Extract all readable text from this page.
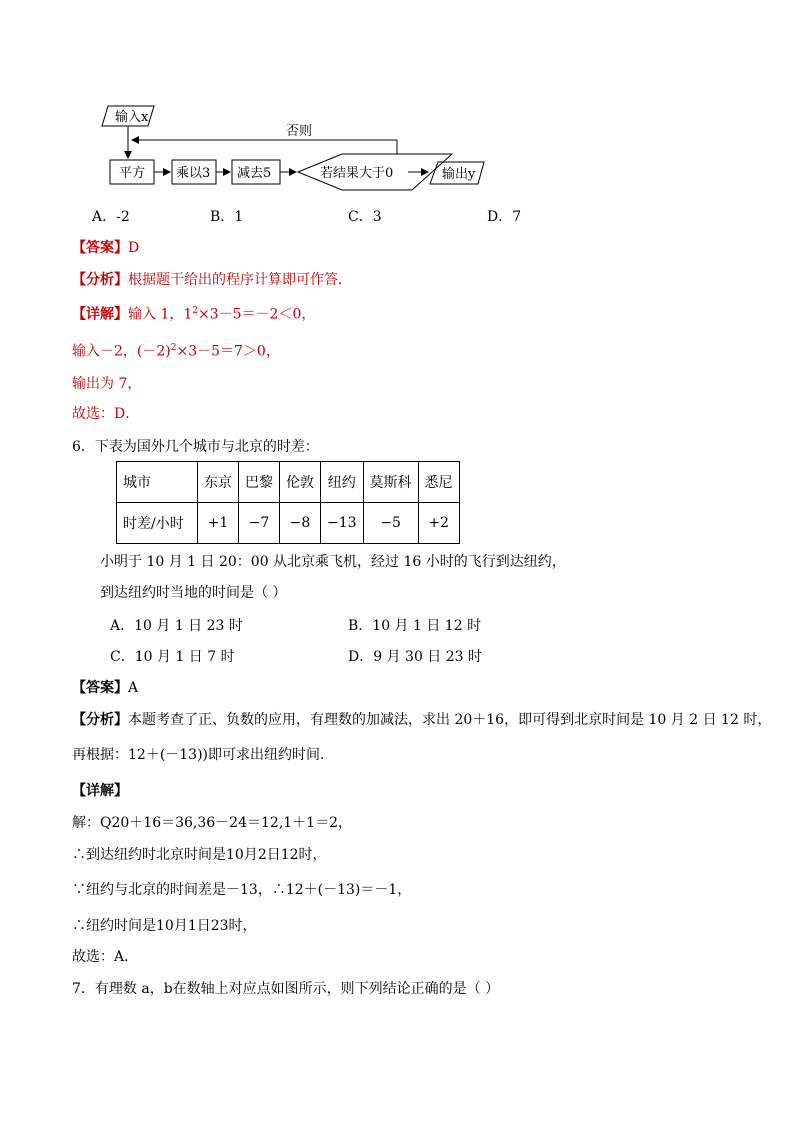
输入x
否则
平方 乘以3 减去5	若结果大于0	输出y
A．-2	B．1	C．3	D．7
【答案】D
【分析】根据题干给出的程序计算即可作答．
【详解】输入 1，$1^2\times 3-5=-2<0$，
输入－2，$(-2)^2\times 3-5=7>0$，
输出为 7，
故选：D．
6．下表为国外几个城市与北京的时差：
城市	东京	巴黎	伦敦	纽约	莫斯科	悉尼
时差/小时	+1	−7	−8	−13	−5	+2
小明于 10 月 1 日 20：00 从北京乘飞机，经过 16 小时的飞行到达纽约，
到达纽约时当地的时间是（ ）
A．10 月 1 日 23 时	B．10 月 1 日 12 时
C．10 月 1 日 7 时	D．9 月 30 日 23 时
【答案】A
【分析】本题考查了正、负数的应用，有理数的加减法，求出 20＋16，即可得到北京时间是 10 月 2 日 12 时，
再根据：12＋(－13))即可求出纽约时间．
【详解】
解：Q20＋16＝36,36－24＝12,1＋1＝2，
∴到达纽约时北京时间是10月2日12时，
∵纽约与北京的时间差是－13，∴12＋(－13)＝－1，
∴纽约时间是10月1日23时，
故选：A．
7．有理数 a，b在数轴上对应点如图所示，则下列结论正确的是（ ）
